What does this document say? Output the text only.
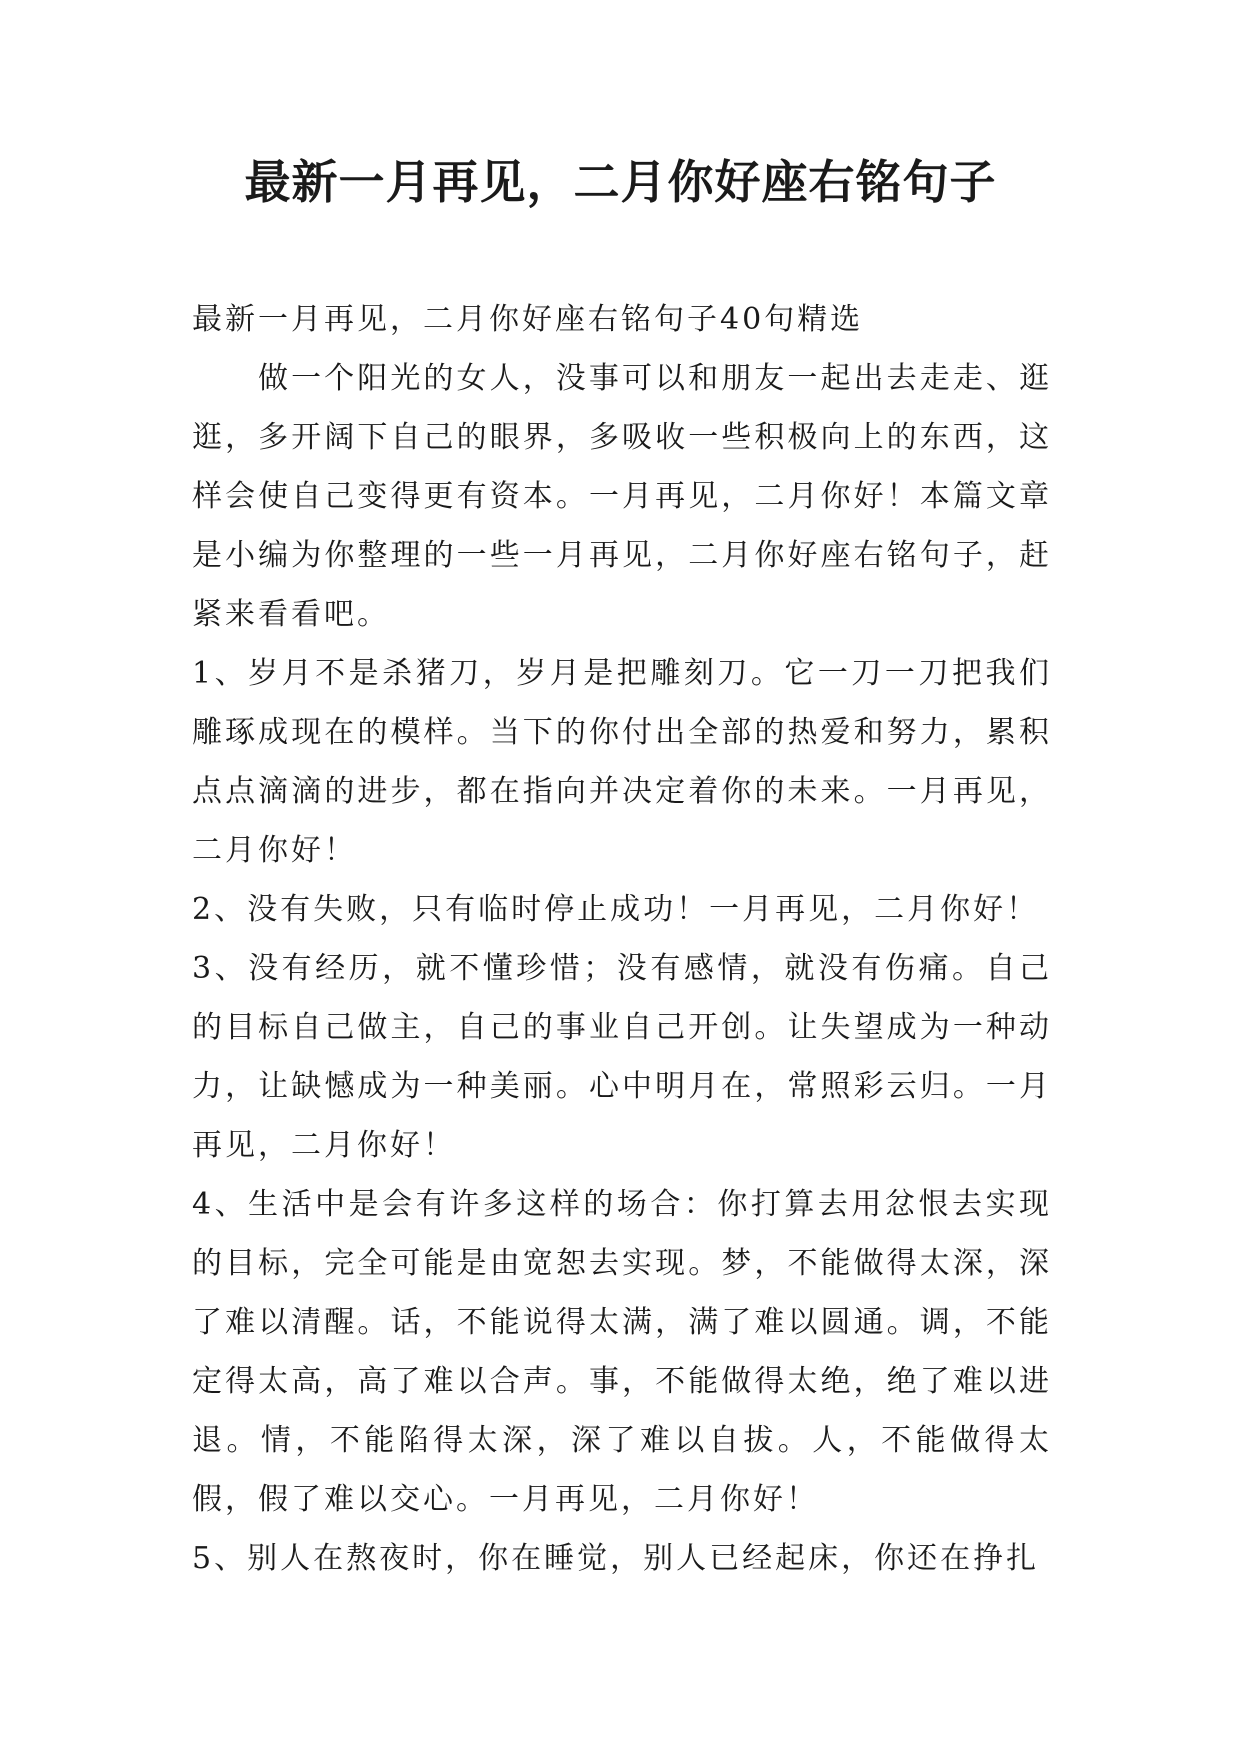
最新一月再见，二月你好座右铭句子

最新一月再见，二月你好座右铭句子40句精选

做一个阳光的女人，没事可以和朋友一起出去走走、逛逛，多开阔下自己的眼界，多吸收一些积极向上的东西，这样会使自己变得更有资本。一月再见，二月你好！本篇文章是小编为你整理的一些一月再见，二月你好座右铭句子，赶紧来看看吧。

1、岁月不是杀猪刀，岁月是把雕刻刀。它一刀一刀把我们雕琢成现在的模样。当下的你付出全部的热爱和努力，累积点点滴滴的进步，都在指向并决定着你的未来。一月再见，二月你好！

2、没有失败，只有临时停止成功！一月再见，二月你好！

3、没有经历，就不懂珍惜；没有感情，就没有伤痛。自己的目标自己做主，自己的事业自己开创。让失望成为一种动力，让缺憾成为一种美丽。心中明月在，常照彩云归。一月再见，二月你好！

4、生活中是会有许多这样的场合：你打算去用忿恨去实现的目标，完全可能是由宽恕去实现。梦，不能做得太深，深了难以清醒。话，不能说得太满，满了难以圆通。调，不能定得太高，高了难以合声。事，不能做得太绝，绝了难以进退。情，不能陷得太深，深了难以自拔。人，不能做得太假，假了难以交心。一月再见，二月你好！

5、别人在熬夜时，你在睡觉，别人已经起床，你还在挣扎
